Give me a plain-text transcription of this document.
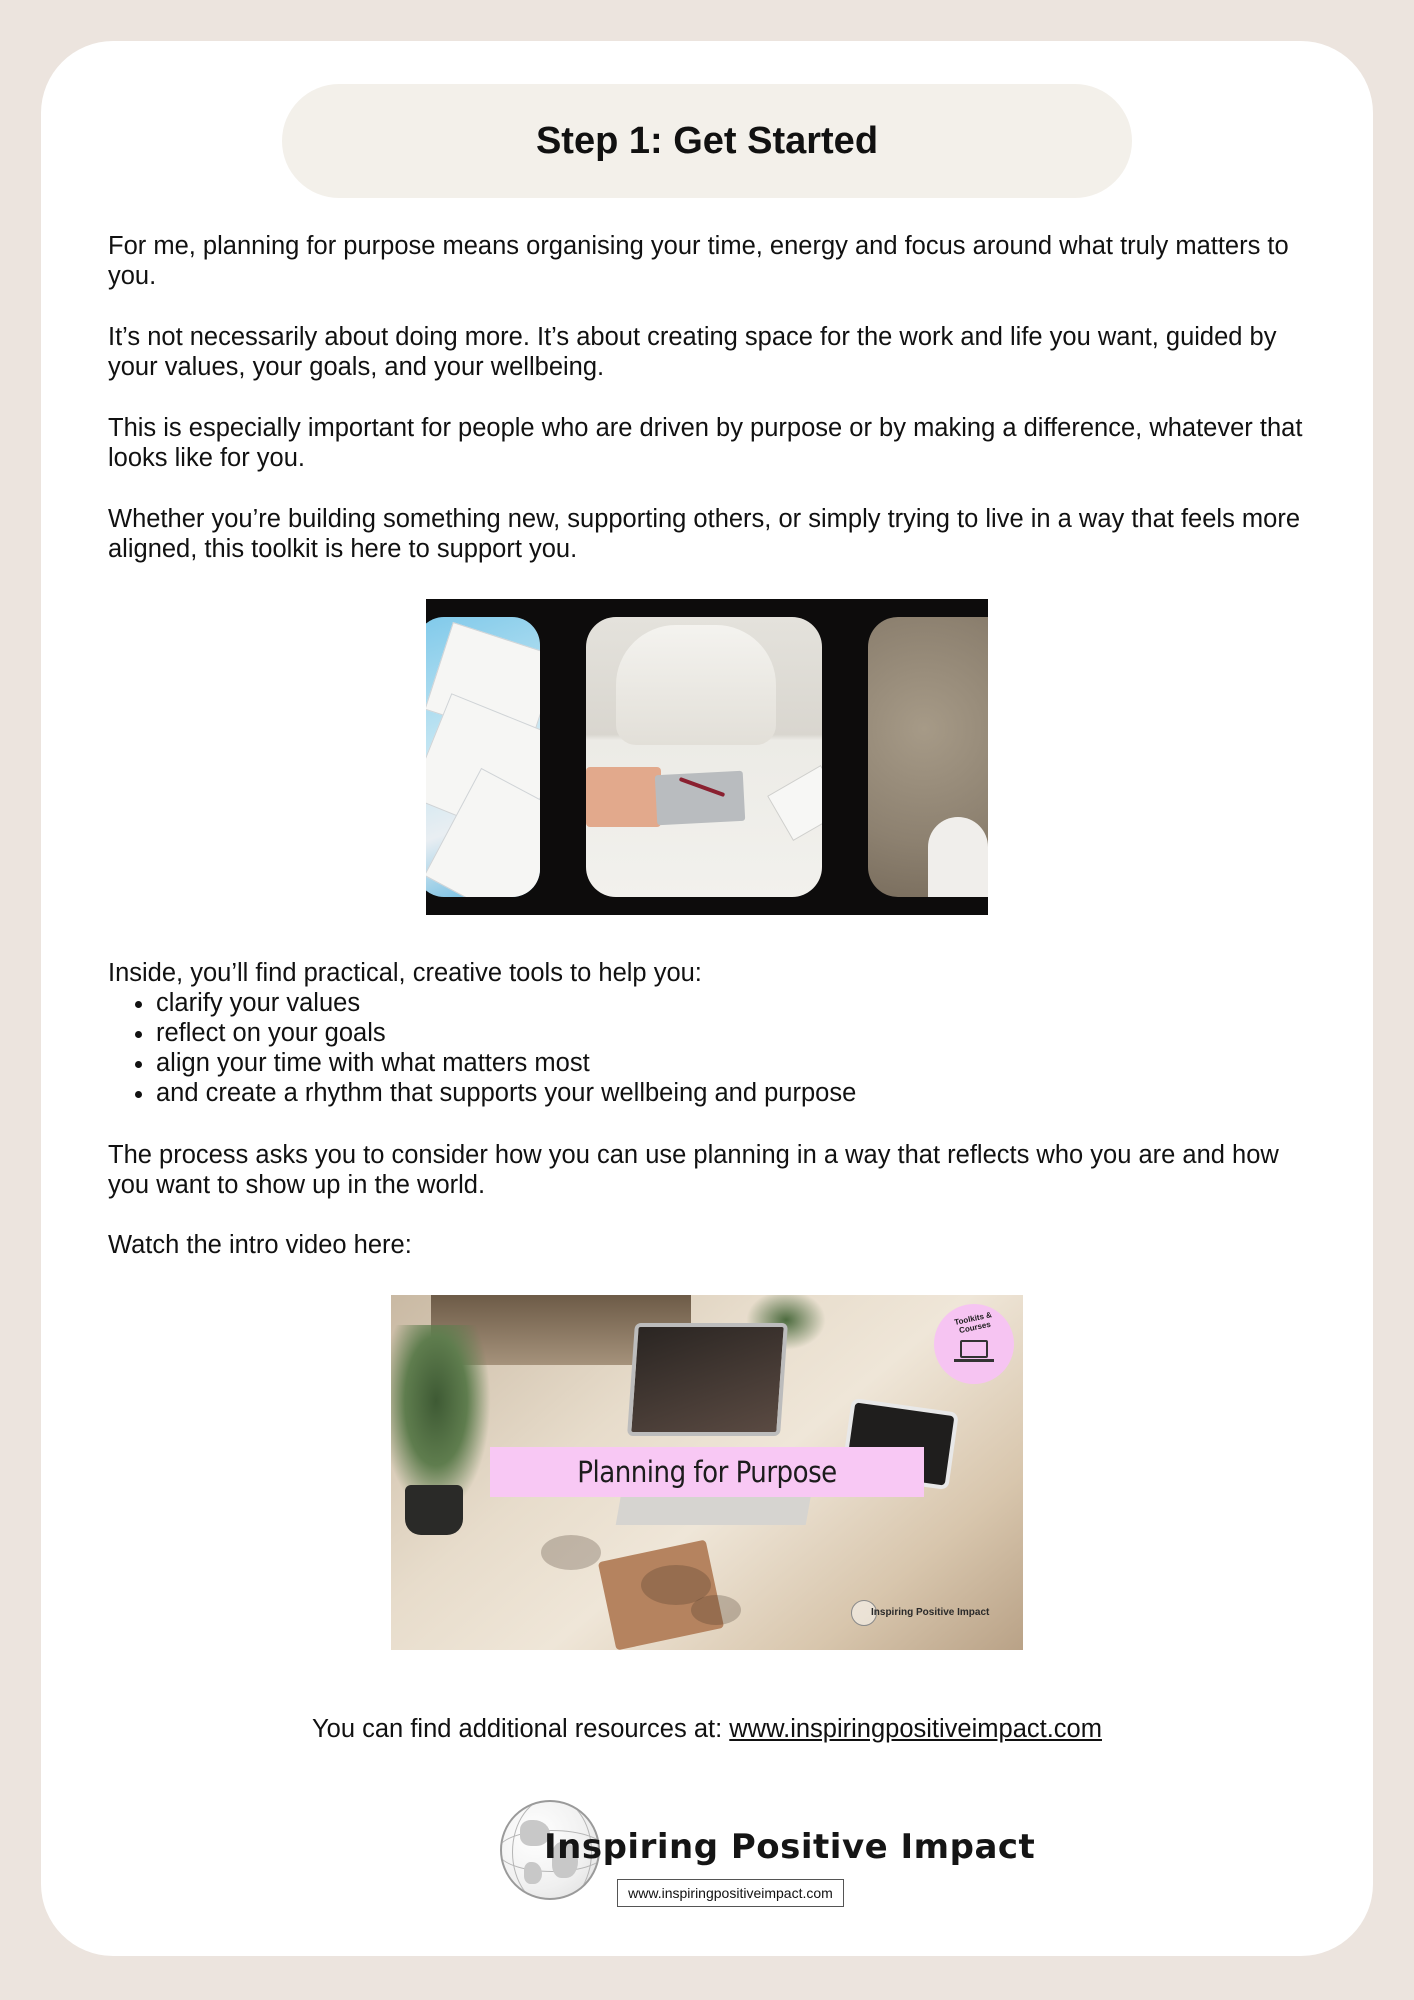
Step 1: Get Started

For me, planning for purpose means organising your time, energy and focus around what truly matters to you.

It’s not necessarily about doing more. It’s about creating space for the work and life you want, guided by your values, your goals, and your wellbeing.

This is especially important for people who are driven by purpose or by making a difference, whatever that looks like for you.

Whether you’re building something new, supporting others, or simply trying to live in a way that feels more aligned, this toolkit is here to support you.

Inside, you’ll find practical, creative tools to help you:

• clarify your values
• reflect on your goals
• align your time with what matters most
• and create a rhythm that supports your wellbeing and purpose

The process asks you to consider how you can use planning in a way that reflects who you are and how you want to show up in the world.

Watch the intro video here:

Planning for Purpose
Toolkits & Courses
Inspiring Positive Impact
You can find additional resources at: www.inspiringpositiveimpact.com
Inspiring Positive Impact
www.inspiringpositiveimpact.com
